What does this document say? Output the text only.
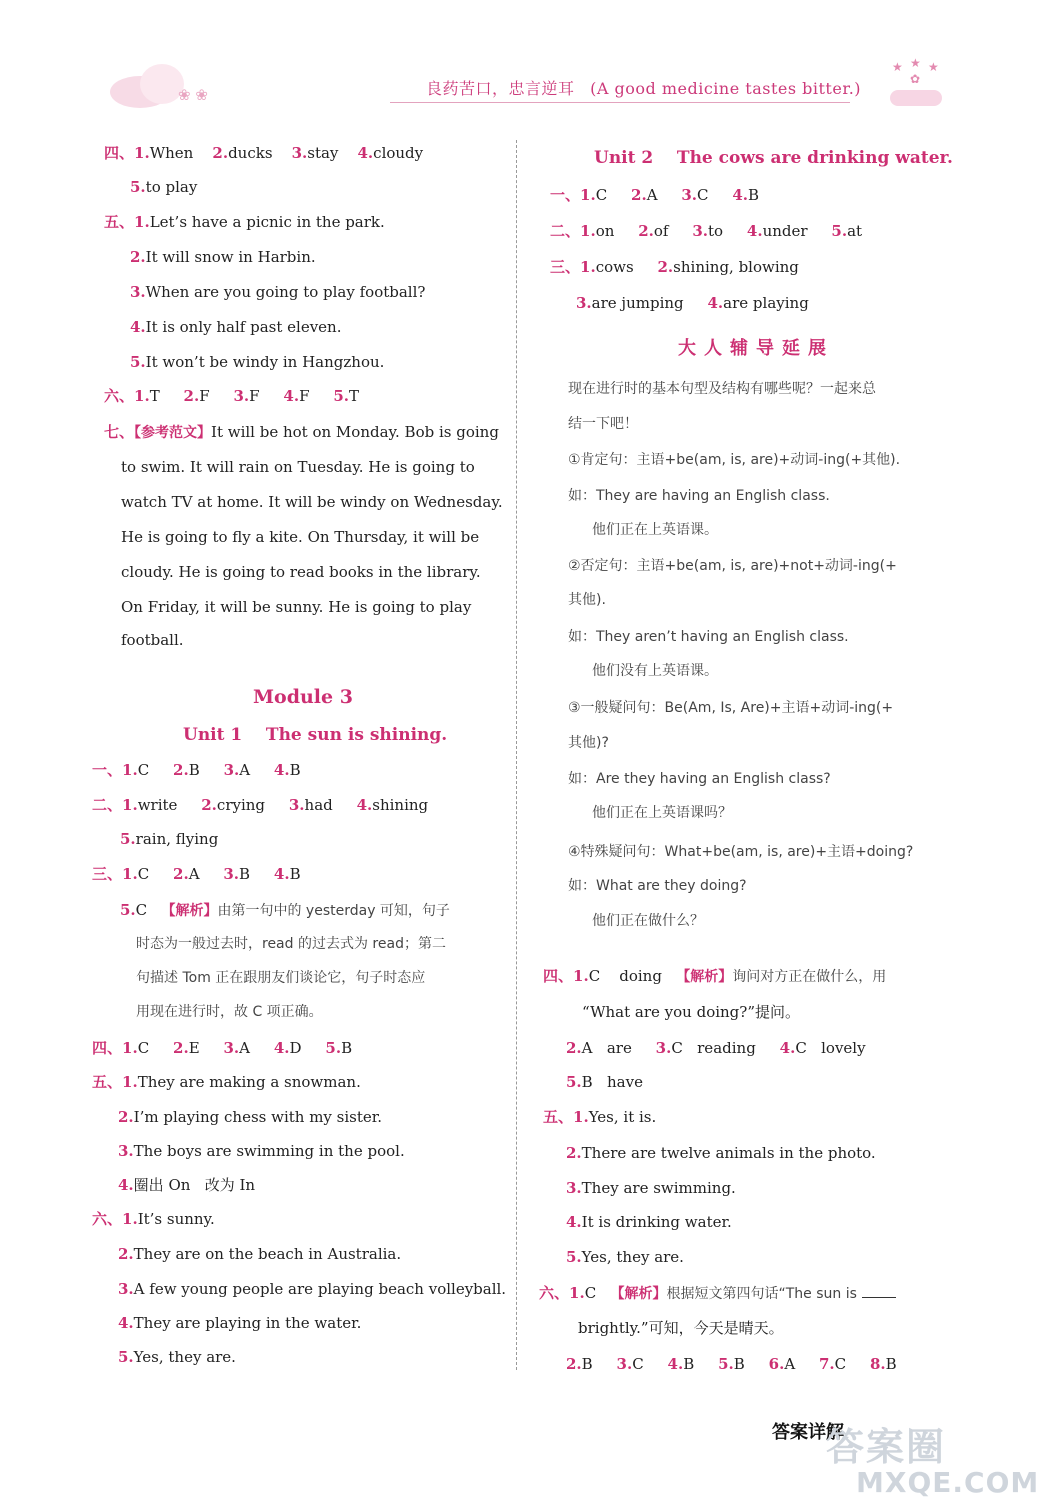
❀ ❀	良药苦口，忠言逆耳 (A good medicine tastes bitter.)
★ ★ ★
✿
四、1.When 2.ducks 3.stay 4.cloudy
5.to play
五、1.Let’s have a picnic in the park.
2.It will snow in Harbin.
3.When are you going to play football?
4.It is only half past eleven.
5.It won’t be windy in Hangzhou.
六、1.T 2.F 3.F 4.F 5.T
七、【参考范文】It will be hot on Monday. Bob is going
to swim. It will rain on Tuesday. He is going to
watch TV at home. It will be windy on Wednesday.
He is going to fly a kite. On Thursday, it will be
cloudy. He is going to read books in the library.
On Friday, it will be sunny. He is going to play
football.
Module 3
Unit 1    The sun is shining.
一、1.C 2.B 3.A 4.B
二、1.write 2.crying 3.had 4.shining
5.rain, flying
三、1.C 2.A 3.B 4.B
5.C 【解析】由第一句中的 yesterday 可知，句子
时态为一般过去时，read 的过去式为 read；第二
句描述 Tom 正在跟朋友们谈论它，句子时态应
用现在进行时，故 C 项正确。
四、1.C 2.E 3.A 4.D 5.B
五、1.They are making a snowman.
2.I’m playing chess with my sister.
3.The boys are swimming in the pool.
4.圈出 On   改为 In
六、1.It’s sunny.
2.They are on the beach in Australia.
3.A few young people are playing beach volleyball.
4.They are playing in the water.
5.Yes, they are.
Unit 2    The cows are drinking water.
一、1.C 2.A 3.C 4.B
二、1.on 2.of 3.to 4.under 5.at
三、1.cows 2.shining, blowing
3.are jumping 4.are playing
大人辅导延展
现在进行时的基本句型及结构有哪些呢？一起来总
结一下吧！
①肯定句：主语+be(am, is, are)+动词-ing(+其他).
如：They are having an English class.
他们正在上英语课。
②否定句：主语+be(am, is, are)+not+动词-ing(+
其他).
如：They aren’t having an English class.
他们没有上英语课。
③一般疑问句：Be(Am, Is, Are)+主语+动词-ing(+
其他)?
如：Are they having an English class?
他们正在上英语课吗？
④特殊疑问句：What+be(am, is, are)+主语+doing?
如：What are they doing?
他们正在做什么？
四、1.C doing 【解析】询问对方正在做什么，用
“What are you doing?”提问。
2.A are 3.C reading 4.C lovely
5.B have
五、1.Yes, it is.
2.There are twelve animals in the photo.
3.They are swimming.
4.It is drinking water.
5.Yes, they are.
六、1.C 【解析】根据短文第四句话“The sun is
brightly.”可知，今天是晴天。
2.B 3.C 4.B 5.B 6.A 7.C 8.B
答案详解
答案圈
MXQE.COM
